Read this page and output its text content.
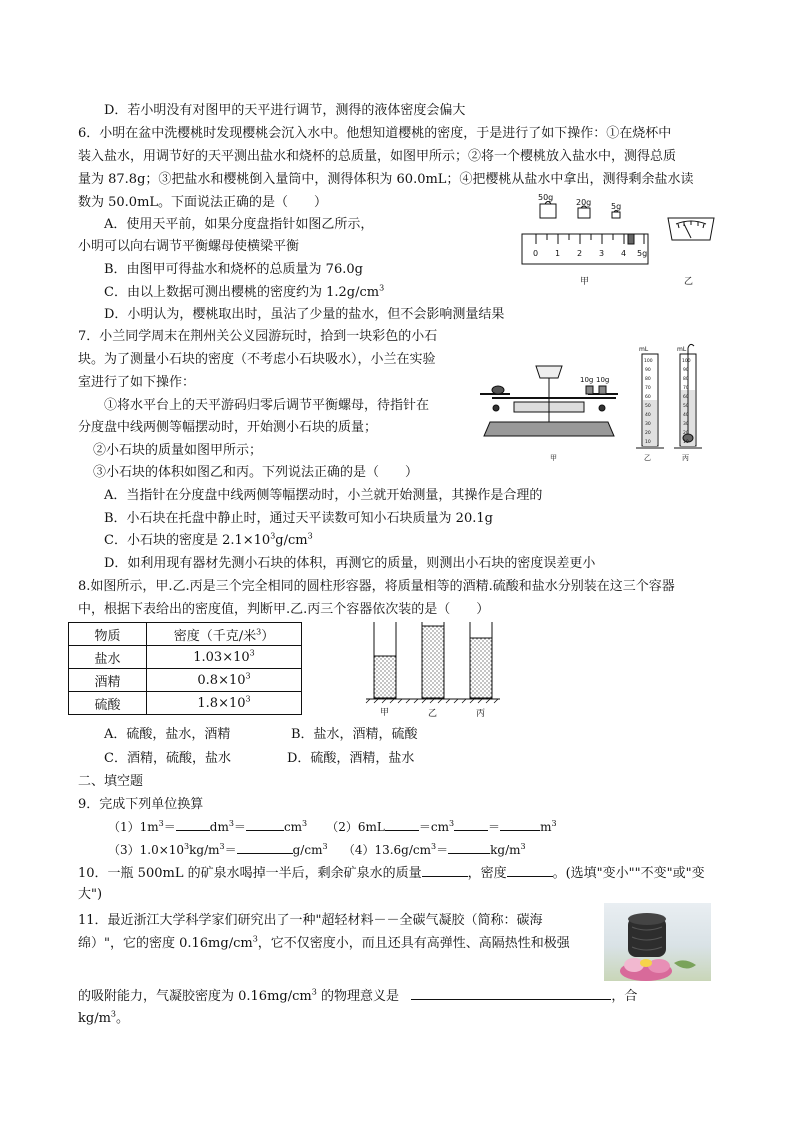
D．若小明没有对图甲的天平进行调节，测得的液体密度会偏大
6．小明在盆中洗樱桃时发现樱桃会沉入水中。他想知道樱桃的密度，于是进行了如下操作：①在烧杯中
装入盐水，用调节好的天平测出盐水和烧杯的总质量，如图甲所示；②将一个樱桃放入盐水中，测得总质
量为 87.8g；③把盐水和樱桃倒入量筒中，测得体积为 60.0mL；④把樱桃从盐水中拿出，测得剩余盐水读
数为 50.0mL。下面说法正确的是（　　）
A．使用天平前，如果分度盘指针如图乙所示，
小明可以向右调节平衡螺母使横梁平衡
B．由图甲可得盐水和烧杯的总质量为 76.0g
C．由以上数据可测出樱桃的密度约为 $1.2g/cm^3$
D．小明认为，樱桃取出时，虽沾了少量的盐水，但不会影响测量结果
50g
20g 5g
0 1 2 3 4 5g
甲	乙
7．小兰同学周末在荆州关公义园游玩时，拾到一块彩色的小石
块。为了测量小石块的密度（不考虑小石块吸水），小兰在实验
室进行了如下操作：
①将水平台上的天平游码归零后调节平衡螺母，待指针在
分度盘中线两侧等幅摆动时，开始测小石块的质量；
②小石块的质量如图甲所示；
③小石块的体积如图乙和丙。下列说法正确的是（　　）
A．当指针在分度盘中线两侧等幅摆动时，小兰就开始测量，其操作是合理的
B．小石块在托盘中静止时，通过天平读数可知小石块质量为 20.1g
C．小石块的密度是 $2.1\times 10^3g/cm^3$
D．如利用现有器材先测小石块的体积，再测它的质量，则测出小石块的密度误差更小
10g 10g
甲	乙	丙
mL	mL
100
90
80
70
60
50
40
30
20
10
100
90
80
70
60
50
40
30
20
10
8.如图所示，甲.乙.丙是三个完全相同的圆柱形容器，将质量相等的酒精.硫酸和盐水分别装在这三个容器
中，根据下表给出的密度值，判断甲.乙.丙三个容器依次装的是（　　）
物质	密度（千克/米$^3$）
盐水	$1.03\times 10^3$
酒精	$0.8\times 10^3$
硫酸	$1.8\times 10^3$
甲	乙	丙
A．硫酸，盐水，酒精	B．盐水，酒精，硫酸
C．酒精，硫酸，盐水	D．硫酸，酒精，盐水
二、填空题
9．完成下列单位换算
$(1)1m^3=$	$dm^3=$	$cm^3$ （2）6mL	$=cm^3$	＝	$m^3$
$(3)1.0\times 10^3kg/m^3=$	$g/cm^3$ $(4)13.6g/cm^3=$	$kg/m^3$
10．一瓶 500mL 的矿泉水喝掉一半后，剩余矿泉水的质量	，密度	。(选填"变小""不变"或"变
大")
11．最近浙江大学科学家们研究出了一种"超轻材料－－全碳气凝胶（简称：碳海
绵）"，它的密度 $0.16mg/cm^3$，它不仅密度小，而且还具有高弹性、高隔热性和极强
的吸附能力，气凝胶密度为 $0.16mg/cm^3$ 的物理意义是	，合
$kg/m^3$。
